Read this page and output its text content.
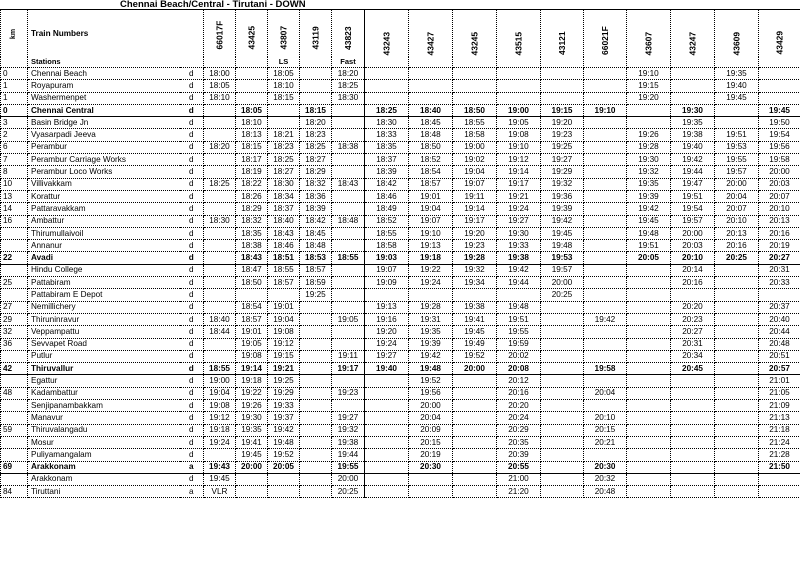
Chennai Beach/Central - Tirutani - DOWN
km	Train Numbers		66017F	43425	43807	43119	43823	43243	43427	43245	43515	43121	66021F	43607	43247	43609	43429

	Stations				LS		Fast										
0	Chennai Beach	d	18:00		18:05		18:20							19:10		19:35	
1	Royapuram	d	18:05		18:10		18:25							19:15		19:40	
1	Washermenpet	d	18:10		18:15		18:30							19:20		19:45	
0	Chennai Central	d		18:05		18:15		18:25	18:40	18:50	19:00	19:15	19:10		19:30		19:45
3	Basin Bridge Jn	d		18:10		18:20		18:30	18:45	18:55	19:05	19:20			19:35		19:50
2	Vyasarpadi Jeeva	d		18:13	18:21	18:23		18:33	18:48	18:58	19:08	19:23		19:26	19:38	19:51	19:54
6	Perambur	d	18:20	18:15	18:23	18:25	18:38	18:35	18:50	19:00	19:10	19:25		19:28	19:40	19:53	19:56
7	Perambur Carriage Works	d		18:17	18:25	18:27		18:37	18:52	19:02	19:12	19:27		19:30	19:42	19:55	19:58
8	Perambur Loco Works	d		18:19	18:27	18:29		18:39	18:54	19:04	19:14	19:29		19:32	19:44	19:57	20:00
10	Villivakkam	d	18:25	18:22	18:30	18:32	18:43	18:42	18:57	19:07	19:17	19:32		19:35	19:47	20:00	20:03
13	Korattur	d		18:26	18:34	18:36		18:46	19:01	19:11	19:21	19:36		19:39	19:51	20:04	20:07
14	Pattaravakkam	d		18:29	18:37	18:39		18:49	19:04	19:14	19:24	19:39		19:42	19:54	20:07	20:10
16	Ambattur	d	18:30	18:32	18:40	18:42	18:48	18:52	19:07	19:17	19:27	19:42		19:45	19:57	20:10	20:13
	Thirumullaivoil	d		18:35	18:43	18:45		18:55	19:10	19:20	19:30	19:45		19:48	20:00	20:13	20:16
	Annanur	d		18:38	18:46	18:48		18:58	19:13	19:23	19:33	19:48		19:51	20:03	20:16	20:19
22	Avadi	d		18:43	18:51	18:53	18:55	19:03	19:18	19:28	19:38	19:53		20:05	20:10	20:25	20:27
	Hindu College	d		18:47	18:55	18:57		19:07	19:22	19:32	19:42	19:57			20:14		20:31
25	Pattabiram	d		18:50	18:57	18:59		19:09	19:24	19:34	19:44	20:00			20:16		20:33
	Pattabiram E Depot	d				19:25						20:25					
27	Nemillichery	d		18:54	19:01			19:13	19:28	19:38	19:48				20:20		20:37
29	Thiruninravur	d	18:40	18:57	19:04		19:05	19:16	19:31	19:41	19:51		19:42		20:23		20:40
32	Veppampattu	d	18:44	19:01	19:08			19:20	19:35	19:45	19:55				20:27		20:44
36	Sevvapet Road	d		19:05	19:12			19:24	19:39	19:49	19:59				20:31		20:48
	Putlur	d		19:08	19:15		19:11	19:27	19:42	19:52	20:02				20:34		20:51
42	Thiruvallur	d	18:55	19:14	19:21		19:17	19:40	19:48	20:00	20:08		19:58		20:45		20:57
	Egattur	d	19:00	19:18	19:25				19:52		20:12						21:01
48	Kadambattur	d	19:04	19:22	19:29		19:23		19:56		20:16		20:04				21:05
	Senjipanambakkam	d	19:08	19:26	19:33				20:00		20:20						21:09
	Manavur	d	19:12	19:30	19:37		19:27		20:04		20:24		20:10				21:13
59	Thiruvalangadu	d	19:18	19:35	19:42		19:32		20:09		20:29		20:15				21:18
	Mosur	d	19:24	19:41	19:48		19:38		20:15		20:35		20:21				21:24
	Puliyamangalam	d		19:45	19:52		19:44		20:19		20:39						21:28
69	Arakkonam	a	19:43	20:00	20:05		19:55		20:30		20:55		20:30				21:50
	Arakkonam	d	19:45				20:00				21:00		20:32				
84	Tiruttani	a	VLR				20:25				21:20		20:48				
